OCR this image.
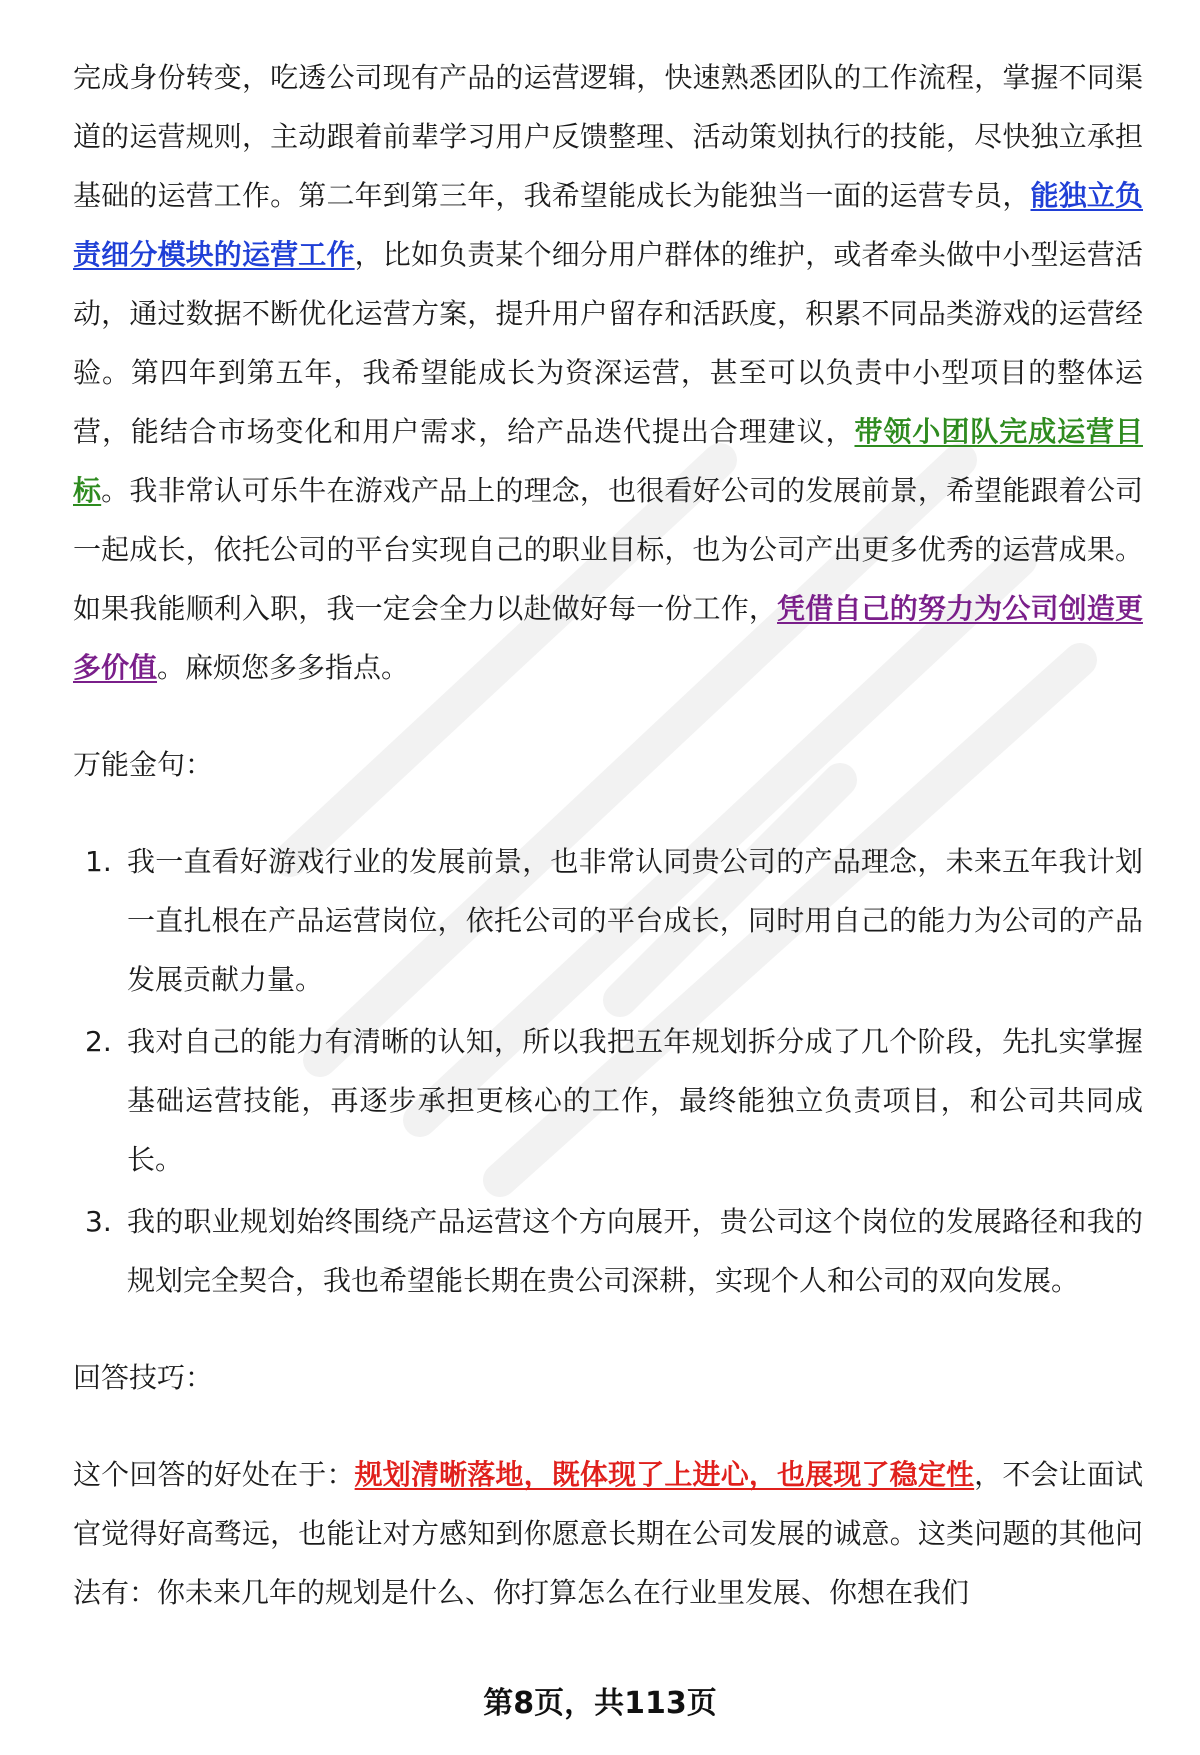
完成身份转变，吃透公司现有产品的运营逻辑，快速熟悉团队的工作流程，掌握不同渠道的运营规则，主动跟着前辈学习用户反馈整理、活动策划执行的技能，尽快独立承担基础的运营工作。第二年到第三年，我希望能成长为能独当一面的运营专员，能独立负责细分模块的运营工作，比如负责某个细分用户群体的维护，或者牵头做中小型运营活动，通过数据不断优化运营方案，提升用户留存和活跃度，积累不同品类游戏的运营经验。第四年到第五年，我希望能成长为资深运营，甚至可以负责中小型项目的整体运营，能结合市场变化和用户需求，给产品迭代提出合理建议，带领小团队完成运营目标。我非常认可乐牛在游戏产品上的理念，也很看好公司的发展前景，希望能跟着公司一起成长，依托公司的平台实现自己的职业目标，也为公司产出更多优秀的运营成果。如果我能顺利入职，我一定会全力以赴做好每一份工作，凭借自己的努力为公司创造更多价值。麻烦您多多指点。

万能金句：

1. 我一直看好游戏行业的发展前景，也非常认同贵公司的产品理念，未来五年我计划一直扎根在产品运营岗位，依托公司的平台成长，同时用自己的能力为公司的产品发展贡献力量。
2. 我对自己的能力有清晰的认知，所以我把五年规划拆分成了几个阶段，先扎实掌握基础运营技能，再逐步承担更核心的工作，最终能独立负责项目，和公司共同成长。
3. 我的职业规划始终围绕产品运营这个方向展开，贵公司这个岗位的发展路径和我的规划完全契合，我也希望能长期在贵公司深耕，实现个人和公司的双向发展。

回答技巧：

这个回答的好处在于：规划清晰落地，既体现了上进心，也展现了稳定性，不会让面试官觉得好高骛远，也能让对方感知到你愿意长期在公司发展的诚意。这类问题的其他问法有：你未来几年的规划是什么、你打算怎么在行业里发展、你想在我们

第8页，共113页
